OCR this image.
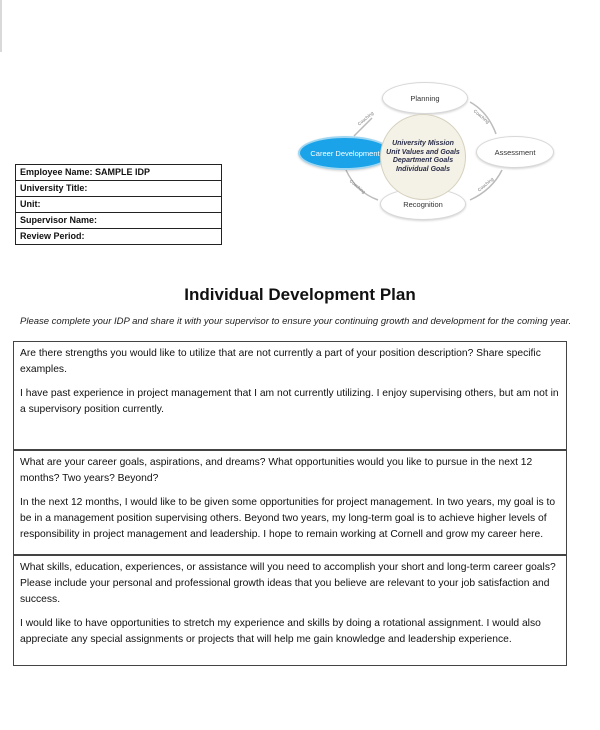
Planning
Assessment
Recognition
Career Development
University Mission
Unit Values and Goals
Department Goals
Individual Goals
Coaching	Coaching
Coaching
Coaching
Employee Name: SAMPLE IDP
University Title:
Unit:
Supervisor Name:
Review Period:
Individual Development Plan
Please complete your IDP and share it with your supervisor to ensure your continuing growth and development for the coming year.

Are there strengths you would like to utilize that are not currently a part of your position description? Share specific examples.

I have past experience in project management that I am not currently utilizing. I enjoy supervising others, but am not in a supervisory position currently.

What are your career goals, aspirations, and dreams? What opportunities would you like to pursue in the next 12 months? Two years? Beyond?

In the next 12 months, I would like to be given some opportunities for project management. In two years, my goal is to be in a management position supervising others. Beyond two years, my long-term goal is to achieve higher levels of responsibility in project management and leadership. I hope to remain working at Cornell and grow my career here.

What skills, education, experiences, or assistance will you need to accomplish your short and long-term career goals? Please include your personal and professional growth ideas that you believe are relevant to your job satisfaction and success.

I would like to have opportunities to stretch my experience and skills by doing a rotational assignment. I would also appreciate any special assignments or projects that will help me gain knowledge and leadership experience.
